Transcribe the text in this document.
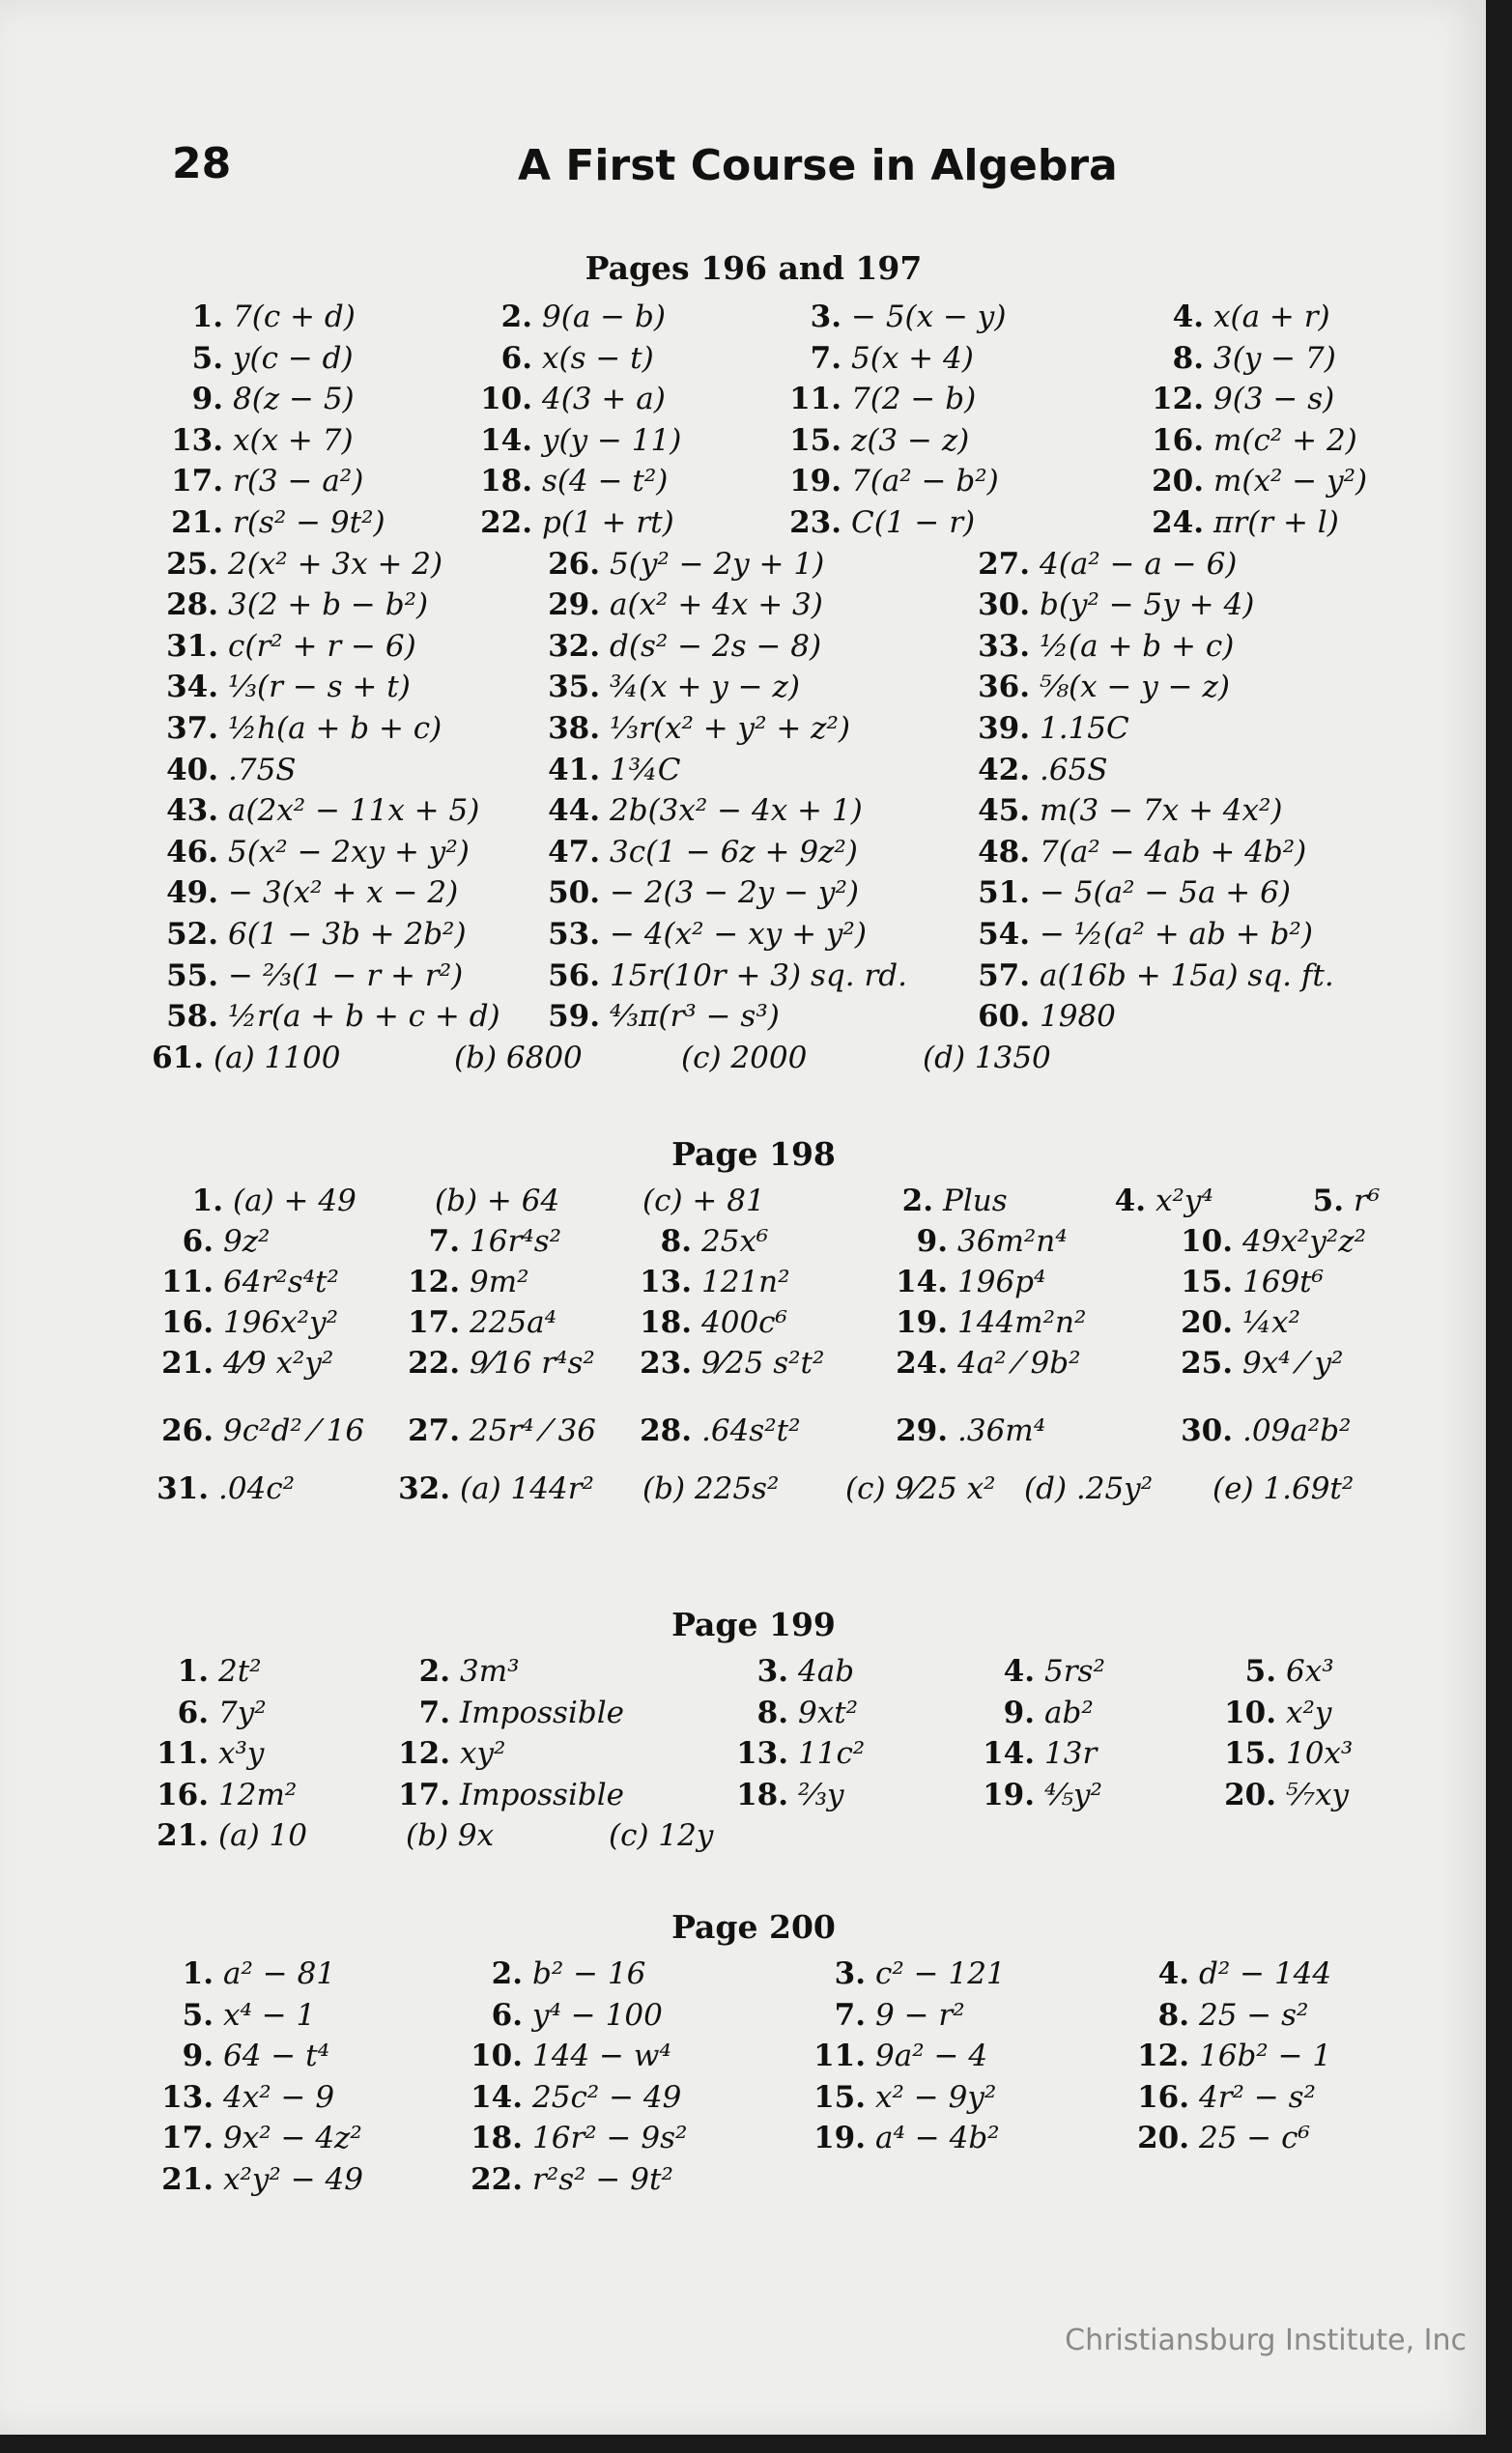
28	A First Course in Algebra
Pages 196 and 197
1. 7(c + d)	2. 9(a − b)	3. − 5(x − y)	4. x(a + r)
5. y(c − d)	6. x(s − t)	7. 5(x + 4)	8. 3(y − 7)
9. 8(z − 5)	10. 4(3 + a)	11. 7(2 − b)	12. 9(3 − s)
13. x(x + 7)	14. y(y − 11)	15. z(3 − z)	16. m(c² + 2)
17. r(3 − a²)	18. s(4 − t²)	19. 7(a² − b²)	20. m(x² − y²)
21. r(s² − 9t²)	22. p(1 + rt)	23. C(1 − r)	24. πr(r + l)
25. 2(x² + 3x + 2)	26. 5(y² − 2y + 1)	27. 4(a² − a − 6)
28. 3(2 + b − b²)	29. a(x² + 4x + 3)	30. b(y² − 5y + 4)
31. c(r² + r − 6)	32. d(s² − 2s − 8)	33. ½(a + b + c)
34. ⅓(r − s + t)	35. ¾(x + y − z)	36. ⅝(x − y − z)
37. ½h(a + b + c)	38. ⅓r(x² + y² + z²)	39. 1.15C
40. .75S	41. 1¾C	42. .65S
43. a(2x² − 11x + 5) 44. 2b(3x² − 4x + 1)	45. m(3 − 7x + 4x²)
46. 5(x² − 2xy + y²)	47. 3c(1 − 6z + 9z²)	48. 7(a² − 4ab + 4b²)
49. − 3(x² + x − 2)	50. − 2(3 − 2y − y²)	51. − 5(a² − 5a + 6)
52. 6(1 − 3b + 2b²)	53. − 4(x² − xy + y²)	54. − ½(a² + ab + b²)
55. − ⅔(1 − r + r²)	56. 15r(10r + 3) sq. rd. 57. a(16b + 15a) sq. ft.
58. ½r(a + b + c + d) 59. ⁴⁄₃π(r³ − s³)	60. 1980
61. (a) 1100	(b) 6800	(c) 2000	(d) 1350
Page 198
1. (a) + 49	(b) + 64	(c) + 81	2. Plus	4. x²y⁴	5. r⁶
6. 9z²	7. 16r⁴s²	8. 25x⁶	9. 36m²n⁴	10. 49x²y²z²
11. 64r²s⁴t² 12. 9m²	13. 121n²	14. 196p⁴	15. 169t⁶
16. 196x²y² 17. 225a⁴	18. 400c⁶	19. 144m²n²	20. ¼x²
21. 4⁄9 x²y² 22. 9⁄16 r⁴s² 23. 9⁄25 s²t² 24. 4a² ⁄ 9b²	25. 9x⁴ ⁄ y²
26. 9c²d² ⁄ 16 27. 25r⁴ ⁄ 36 28. .64s²t²	29. .36m⁴	30. .09a²b²
31. .04c²	32. (a) 144r² (b) 225s² (c) 9⁄25 x² (d) .25y² (e) 1.69t²
Page 199
1. 2t²	2. 3m³	3. 4ab	4. 5rs²	5. 6x³
6. 7y²	7. Impossible	8. 9xt²	9. ab²	10. x²y
11. x³y	12. xy²	13. 11c²	14. 13r	15. 10x³
16. 12m²	17. Impossible	18. ⅔y	19. ⅘y²	20. ⁵⁄₇xy
21. (a) 10	(b) 9x	(c) 12y
Page 200
1. a² − 81	2. b² − 16	3. c² − 121	4. d² − 144
5. x⁴ − 1	6. y⁴ − 100	7. 9 − r²	8. 25 − s²
9. 64 − t⁴	10. 144 − w⁴	11. 9a² − 4	12. 16b² − 1
13. 4x² − 9	14. 25c² − 49	15. x² − 9y²	16. 4r² − s²
17. 9x² − 4z²	18. 16r² − 9s²	19. a⁴ − 4b²	20. 25 − c⁶
21. x²y² − 49	22. r²s² − 9t²
Christiansburg Institute, Inc
